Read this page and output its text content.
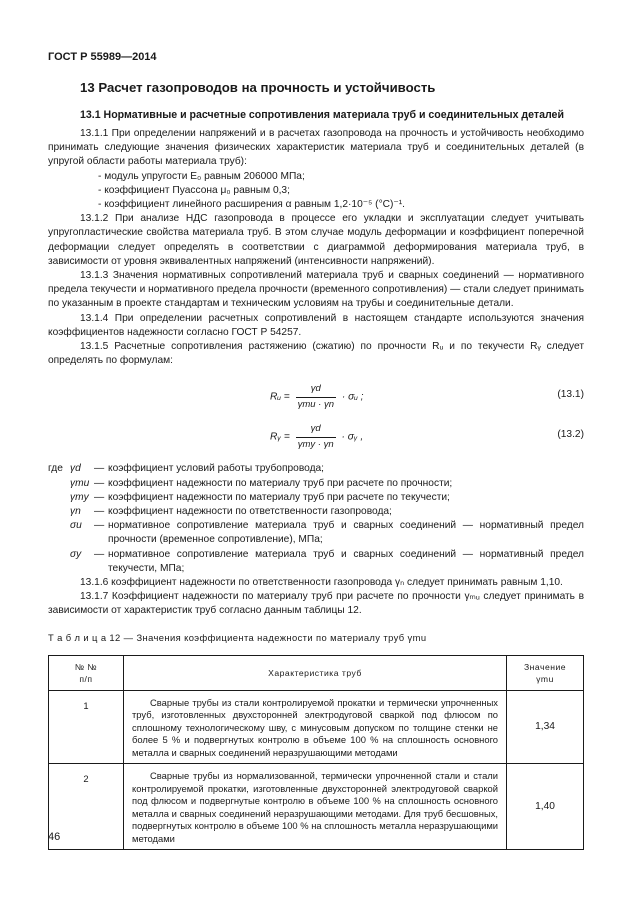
ГОСТ Р 55989—2014
13 Расчет газопроводов на прочность и устойчивость
13.1 Нормативные и расчетные сопротивления материала труб и соединительных деталей

13.1.1 При определении напряжений и в расчетах газопровода на прочность и устойчивость необходимо принимать следующие значения физических характеристик материала труб и соединительных деталей (в упругой области работы материала труб):

- модуль упругости E₀ равным 206000 МПа;

- коэффициент Пуассона μ₀ равным 0,3;

- коэффициент линейного расширения α равным 1,2·10⁻⁵ (°С)⁻¹.

13.1.2 При анализе НДС газопровода в процессе его укладки и эксплуатации следует учитывать упругопластические свойства материала труб. В этом случае модуль деформации и коэффициент поперечной деформации следует определять в соответствии с диаграммой деформирования материала труб, в зависимости от уровня эквивалентных напряжений (интенсивности напряжений).

13.1.3 Значения нормативных сопротивлений материала труб и сварных соединений — нормативного предела текучести и нормативного предела прочности (временного сопротивления) — стали следует принимать по указанным в проекте стандартам и техническим условиям на трубы и соединительные детали.

13.1.4 При определении расчетных сопротивлений в настоящем стандарте используются значения коэффициентов надежности согласно ГОСТ Р 54257.

13.1.5 Расчетные сопротивления растяжению (сжатию) по прочности Rᵤ и по текучести Rᵧ следует определять по формулам:

Rᵤ = $\frac{\gamma d}{\text{γmu · γn}}$ · σᵤ ;	(13.1)
Rᵧ = $\frac{\gamma d}{\text{γmy · γn}}$ · σᵧ ,	(13.2)
где γd	— коэффициент условий работы трубопровода;
γmu — коэффициент надежности по материалу труб при расчете по прочности;
γmy — коэффициент надежности по материалу труб при расчете по текучести;
γn	— коэффициент надежности по ответственности газопровода;
σu	— нормативное сопротивление материала труб и сварных соединений — нормативный предел прочности (временное сопротивление), МПа;
σy	— нормативное сопротивление материала труб и сварных соединений — нормативный предел текучести, МПа;

13.1.6 коэффициент надежности по ответственности газопровода γₙ следует принимать равным 1,10.

13.1.7 Коэффициент надежности по материалу труб при расчете по прочности γₘᵤ следует принимать в зависимости от характеристик труб согласно данным таблицы 12.

Т а б л и ц а 12 — Значения коэффициента надежности по материалу труб γmu

№ №
п/п	Характеристика труб	Значение
γmu
1	Сварные трубы из стали контролируемой прокатки и термически упрочненных труб, изготовленных двухсторонней электродуговой сваркой под флюсом по сплошному технологическому шву, с минусовым допуском по толщине стенки не более 5 % и подвергнутых контролю в объеме 100 % на сплошность основного металла и сварных соединений неразрушающими методами	1,34
2	Сварные трубы из нормализованной, термически упрочненной стали и стали контролируемой прокатки, изготовленные двухсторонней электродуговой сваркой под флюсом и подвергнутые контролю в объеме 100 % на сплошность основного металла и сварных соединений неразрушающими методами. Для труб бесшовных, подвергнутых контролю в объеме 100 % на сплошность металла неразрушающими методами	1,40
46
